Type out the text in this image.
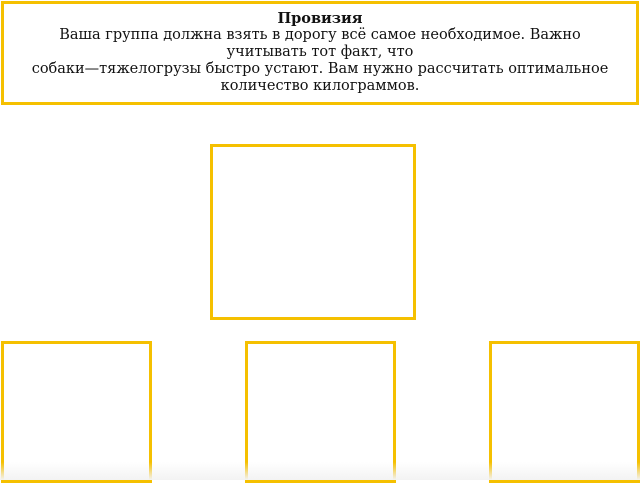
Провизия
Ваша группа должна взять в дорогу всё самое необходимое. Важно
учитывать тот факт, что
собаки—тяжелогрузы быстро устают. Вам нужно рассчитать оптимальное
количество килограммов.
